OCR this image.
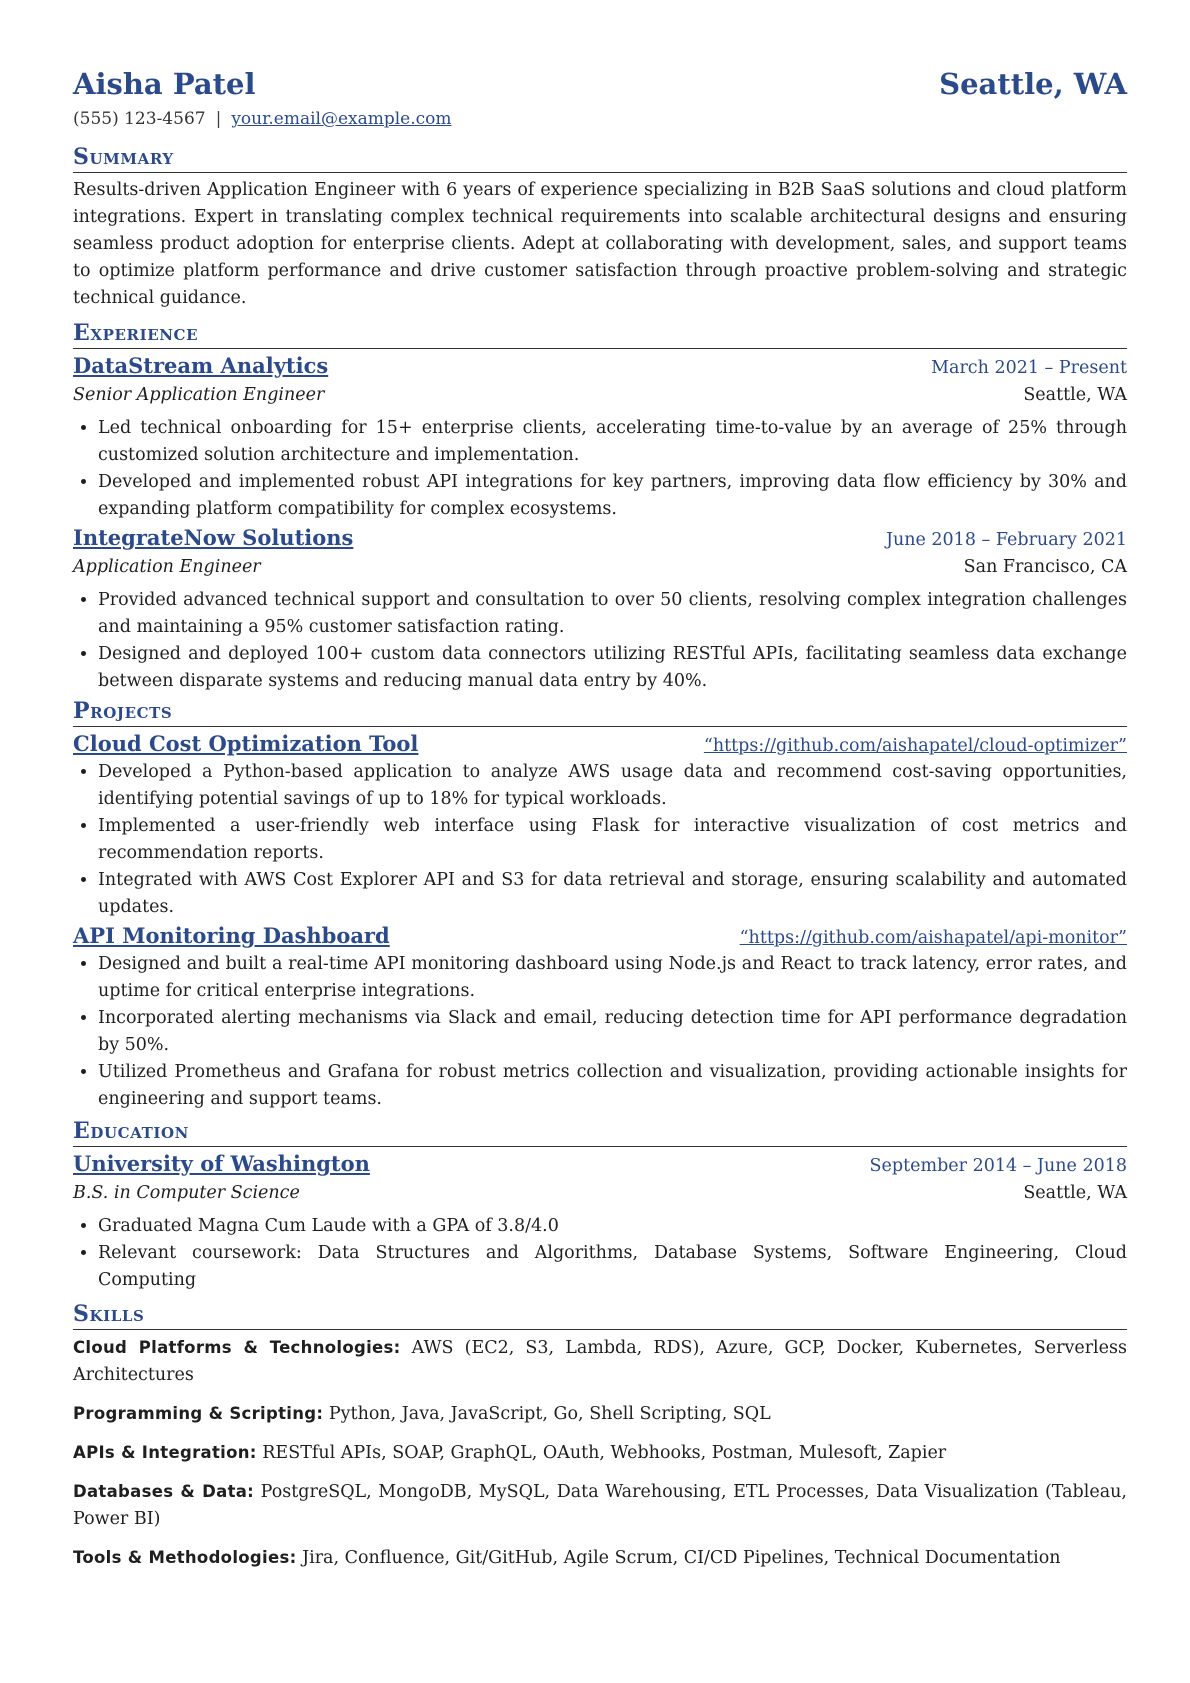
Aisha Patel	Seattle, WA
(555) 123-4567 | your.email@example.com
Summary

Results-driven Application Engineer with 6 years of experience specializing in B2B SaaS solutions and cloud platform integrations. Expert in translating complex technical requirements into scalable architectural designs and ensuring seamless product adoption for enterprise clients. Adept at collaborating with development, sales, and support teams to optimize platform performance and drive customer satisfaction through proactive problem-solving and strategic technical guidance.

Experience
DataStream Analytics	March 2021 – Present
Senior Application Engineer	Seattle, WA
• Led technical onboarding for 15+ enterprise clients, accelerating time-to-value by an average of 25% through customized solution architecture and implementation.
• Developed and implemented robust API integrations for key partners, improving data flow efficiency by 30% and expanding platform compatibility for complex ecosystems.
IntegrateNow Solutions	June 2018 – February 2021
Application Engineer	San Francisco, CA
• Provided advanced technical support and consultation to over 50 clients, resolving complex integration challenges and maintaining a 95% customer satisfaction rating.
• Designed and deployed 100+ custom data connectors utilizing RESTful APIs, facilitating seamless data exchange between disparate systems and reducing manual data entry by 40%.
Projects
Cloud Cost Optimization Tool	“https://github.com/aishapatel/cloud-optimizer”
• Developed a Python-based application to analyze AWS usage data and recommend cost-saving opportunities, identifying potential savings of up to 18% for typical workloads.
• Implemented a user-friendly web interface using Flask for interactive visualization of cost metrics and recommendation reports.
• Integrated with AWS Cost Explorer API and S3 for data retrieval and storage, ensuring scalability and automated updates.
API Monitoring Dashboard	“https://github.com/aishapatel/api-monitor”
• Designed and built a real-time API monitoring dashboard using Node.js and React to track latency, error rates, and uptime for critical enterprise integrations.
• Incorporated alerting mechanisms via Slack and email, reducing detection time for API performance degradation by 50%.
• Utilized Prometheus and Grafana for robust metrics collection and visualization, providing actionable insights for engineering and support teams.
Education
University of Washington	September 2014 – June 2018
B.S. in Computer Science	Seattle, WA
• Graduated Magna Cum Laude with a GPA of 3.8/4.0
• Relevant coursework: Data Structures and Algorithms, Database Systems, Software Engineering, Cloud Computing
Skills

Cloud Platforms & Technologies: AWS (EC2, S3, Lambda, RDS), Azure, GCP, Docker, Kubernetes, Serverless Architectures

Programming & Scripting: Python, Java, JavaScript, Go, Shell Scripting, SQL

APIs & Integration: RESTful APIs, SOAP, GraphQL, OAuth, Webhooks, Postman, Mulesoft, Zapier

Databases & Data: PostgreSQL, MongoDB, MySQL, Data Warehousing, ETL Processes, Data Visualization (Tableau, Power BI)

Tools & Methodologies: Jira, Confluence, Git/GitHub, Agile Scrum, CI/CD Pipelines, Technical Documentation
